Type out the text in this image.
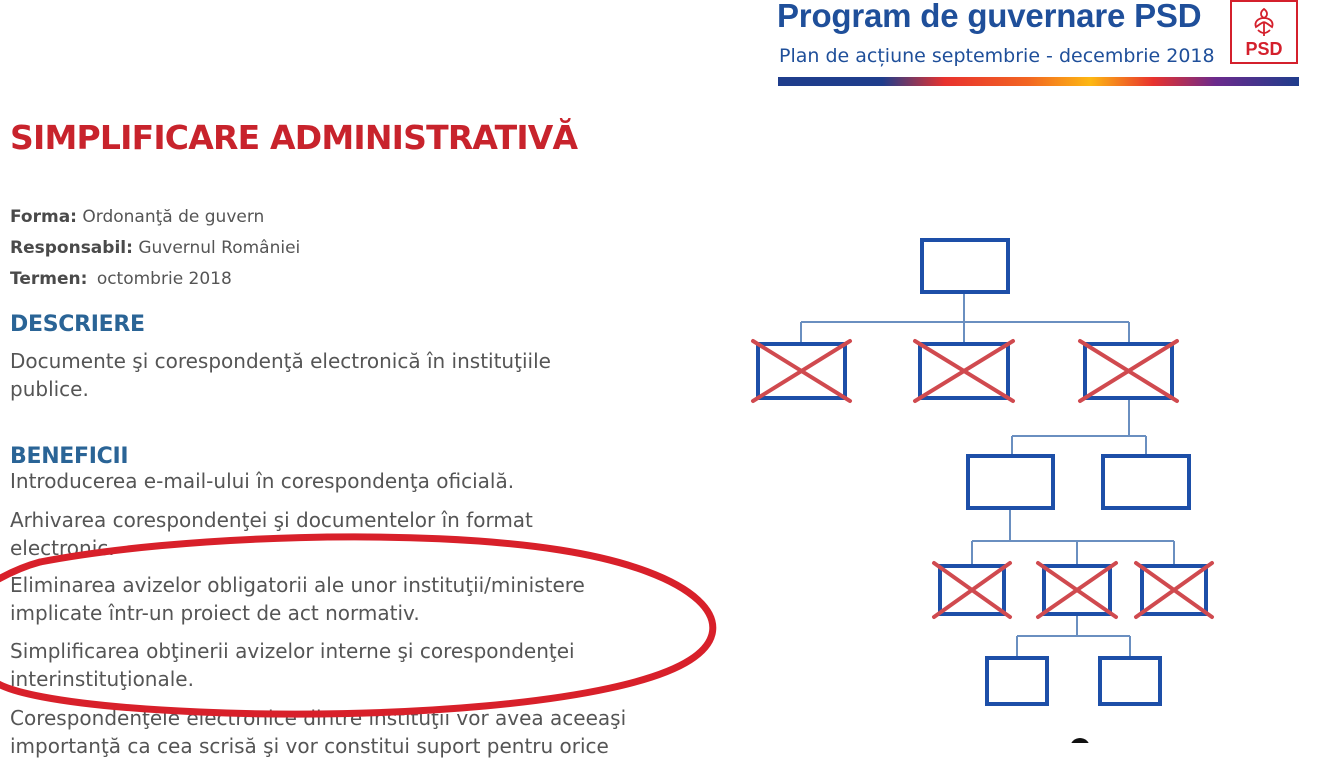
Program de guvernare PSD
Plan de acțiune septembrie - decembrie 2018	PSD
SIMPLIFICARE ADMINISTRATIVĂ
Forma: Ordonanţă de guvern
Responsabil: Guvernul României
Termen: octombrie 2018
DESCRIERE
Documente şi corespondenţă electronică în instituţiile publice.
BENEFICII
Introducerea e-mail-ului în corespondenţa oficială.
Arhivarea corespondenţei şi documentelor în format electronic.
Eliminarea avizelor obligatorii ale unor instituţii/ministere implicate într-un proiect de act normativ.
Simplificarea obţinerii avizelor interne şi corespondenţei interinstituţionale.
Corespondenţele electronice dintre instituţii vor avea aceeaşi importanţă ca cea scrisă şi vor constitui suport pentru orice
